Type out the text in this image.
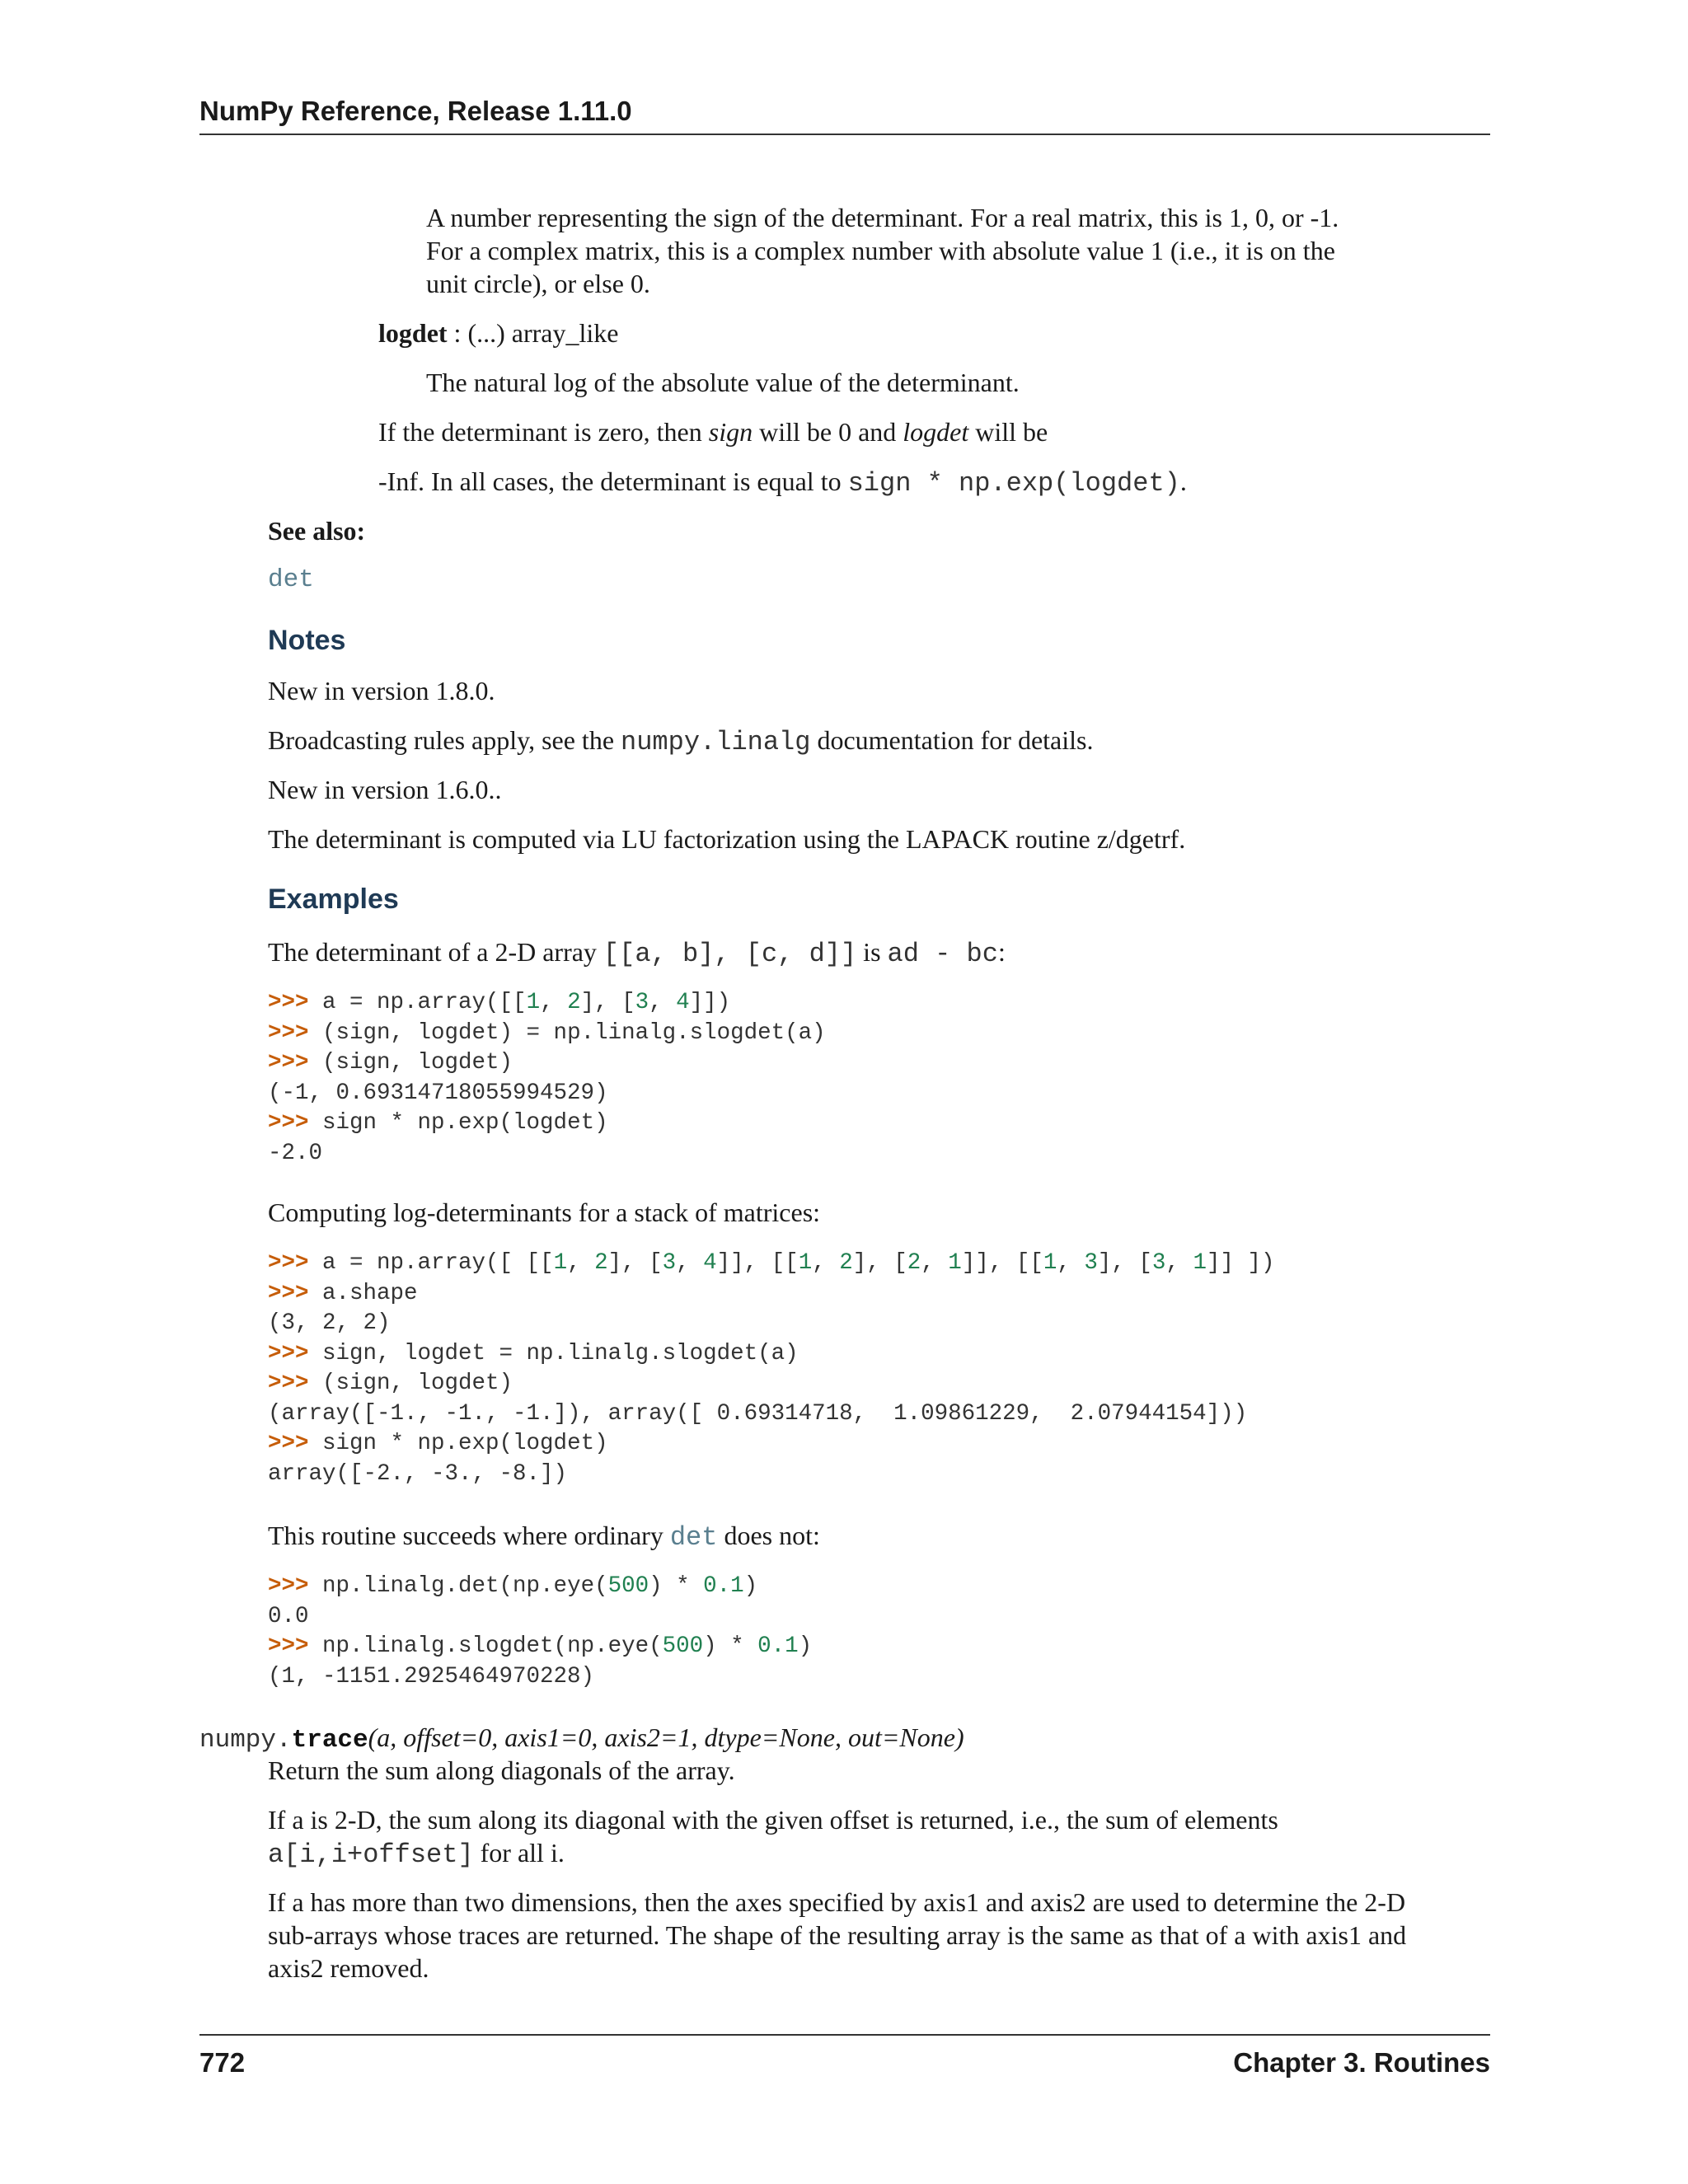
NumPy Reference, Release 1.11.0
A number representing the sign of the determinant. For a real matrix, this is 1, 0, or -1.
For a complex matrix, this is a complex number with absolute value 1 (i.e., it is on the
unit circle), or else 0.
logdet : (...) array_like
The natural log of the absolute value of the determinant.
If the determinant is zero, then sign will be 0 and logdet will be
-Inf. In all cases, the determinant is equal to sign * np.exp(logdet).
See also:
det
Notes
New in version 1.8.0.
Broadcasting rules apply, see the numpy.linalg documentation for details.
New in version 1.6.0..
The determinant is computed via LU factorization using the LAPACK routine z/dgetrf.
Examples
The determinant of a 2-D array [[a, b], [c, d]] is ad - bc:
>>> a = np.array([[1, 2], [3, 4]])
>>> (sign, logdet) = np.linalg.slogdet(a)
>>> (sign, logdet)
(-1, 0.69314718055994529)
>>> sign * np.exp(logdet)
-2.0
Computing log-determinants for a stack of matrices:
>>> a = np.array([ [[1, 2], [3, 4]], [[1, 2], [2, 1]], [[1, 3], [3, 1]] ])
>>> a.shape
(3, 2, 2)
>>> sign, logdet = np.linalg.slogdet(a)
>>> (sign, logdet)
(array([-1., -1., -1.]), array([ 0.69314718,  1.09861229,  2.07944154]))
>>> sign * np.exp(logdet)
array([-2., -3., -8.])
This routine succeeds where ordinary det does not:
>>> np.linalg.det(np.eye(500) * 0.1)
0.0
>>> np.linalg.slogdet(np.eye(500) * 0.1)
(1, -1151.2925464970228)
numpy.trace(a, offset=0, axis1=0, axis2=1, dtype=None, out=None)
Return the sum along diagonals of the array.
If a is 2-D, the sum along its diagonal with the given offset is returned, i.e., the sum of elements
a[i,i+offset] for all i.
If a has more than two dimensions, then the axes specified by axis1 and axis2 are used to determine the 2-D
sub-arrays whose traces are returned. The shape of the resulting array is the same as that of a with axis1 and
axis2 removed.
772	Chapter 3. Routines
